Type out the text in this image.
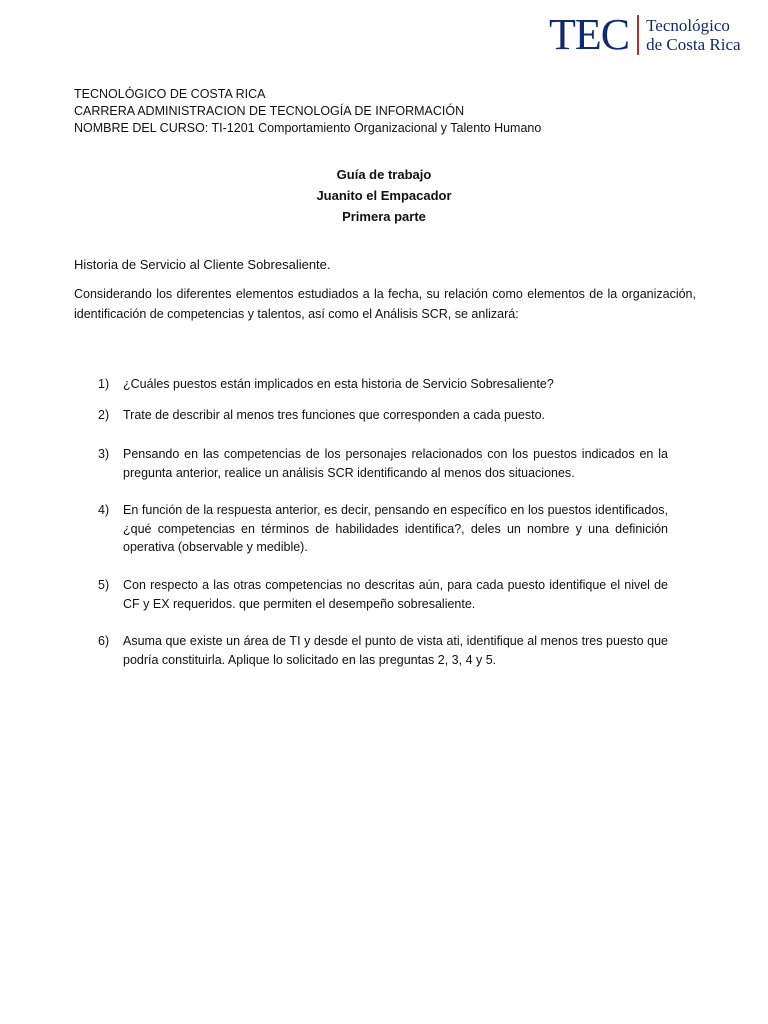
TEC Tecnológico
de Costa Rica
TECNOLÓGICO DE COSTA RICA
CARRERA ADMINISTRACION DE TECNOLOGÍA DE INFORMACIÓN
NOMBRE DEL CURSO: TI-1201 Comportamiento Organizacional y Talento Humano
Guía de trabajo
Juanito el Empacador
Primera parte
Historia de Servicio al Cliente Sobresaliente.
Considerando los diferentes elementos estudiados a la fecha, su relación como elementos de la organización, identificación de competencias y talentos, así como el Análisis SCR, se anlizará:
1)	¿Cuáles puestos están implicados en esta historia de Servicio Sobresaliente?
2)	Trate de describir al menos tres funciones que corresponden a cada puesto.
3)	Pensando en las competencias de los personajes relacionados con los puestos indicados en la pregunta anterior, realice un análisis SCR identificando al menos dos situaciones.
4)	En función de la respuesta anterior, es decir, pensando en específico en los puestos identificados, ¿qué competencias en términos de habilidades identifica?, deles un nombre y una definición operativa (observable y medible).
5)	Con respecto a las otras competencias no descritas aún, para cada puesto identifique el nivel de CF y EX requeridos. que permiten el desempeño sobresaliente.
6)	Asuma que existe un área de TI y desde el punto de vista ati, identifique al menos tres puesto que podría constituirla. Aplique lo solicitado en las preguntas 2, 3, 4 y 5.
